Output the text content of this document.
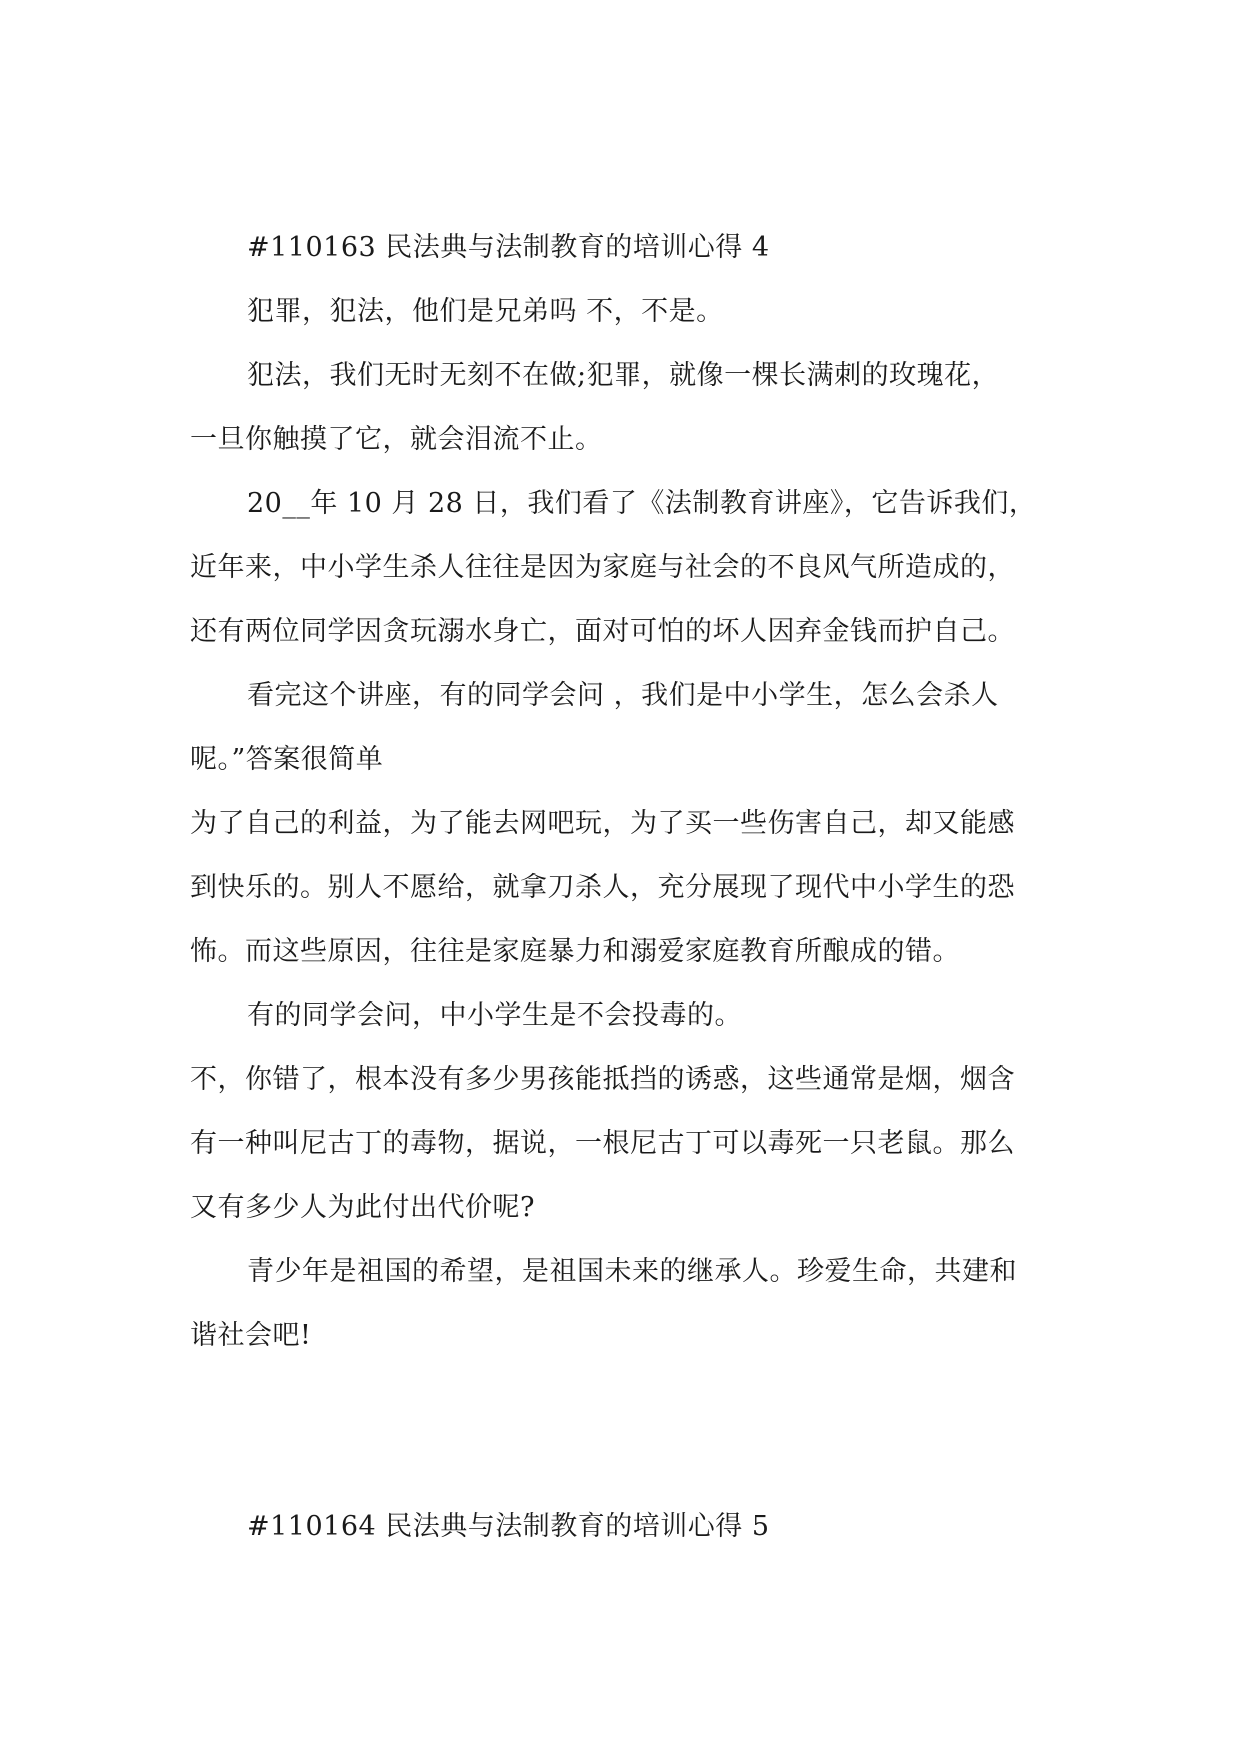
#110163 民法典与法制教育的培训心得 4
犯罪，犯法，他们是兄弟吗 不，不是。
犯法，我们无时无刻不在做;犯罪，就像一棵长满刺的玫瑰花，
一旦你触摸了它，就会泪流不止。
20__年 10 月 28 日，我们看了《法制教育讲座》，它告诉我们，
近年来，中小学生杀人往往是因为家庭与社会的不良风气所造成的，
还有两位同学因贪玩溺水身亡，面对可怕的坏人因弃金钱而护自己。
看完这个讲座，有的同学会问 ，我们是中小学生，怎么会杀人
呢。”答案很简单
为了自己的利益，为了能去网吧玩，为了买一些伤害自己，却又能感
到快乐的。别人不愿给，就拿刀杀人，充分展现了现代中小学生的恐
怖。而这些原因，往往是家庭暴力和溺爱家庭教育所酿成的错。
有的同学会问，中小学生是不会投毒的。
不，你错了，根本没有多少男孩能抵挡的诱惑，这些通常是烟，烟含
有一种叫尼古丁的毒物，据说，一根尼古丁可以毒死一只老鼠。那么
又有多少人为此付出代价呢?
青少年是祖国的希望，是祖国未来的继承人。珍爱生命，共建和
谐社会吧!
#110164 民法典与法制教育的培训心得 5
